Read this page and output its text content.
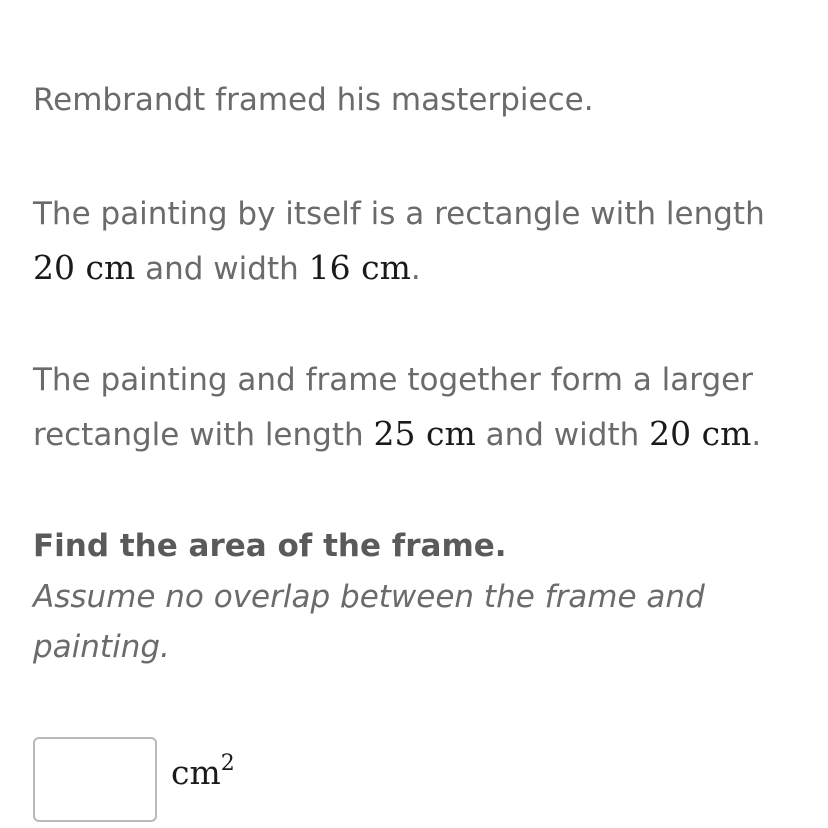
Rembrandt framed his masterpiece.

The painting by itself is a rectangle with length 20 cm and width 16 cm.

The painting and frame together form a larger rectangle with length 25 cm and width 20 cm.

Find the area of the frame.

Assume no overlap between the frame and painting.

$cm^2$
